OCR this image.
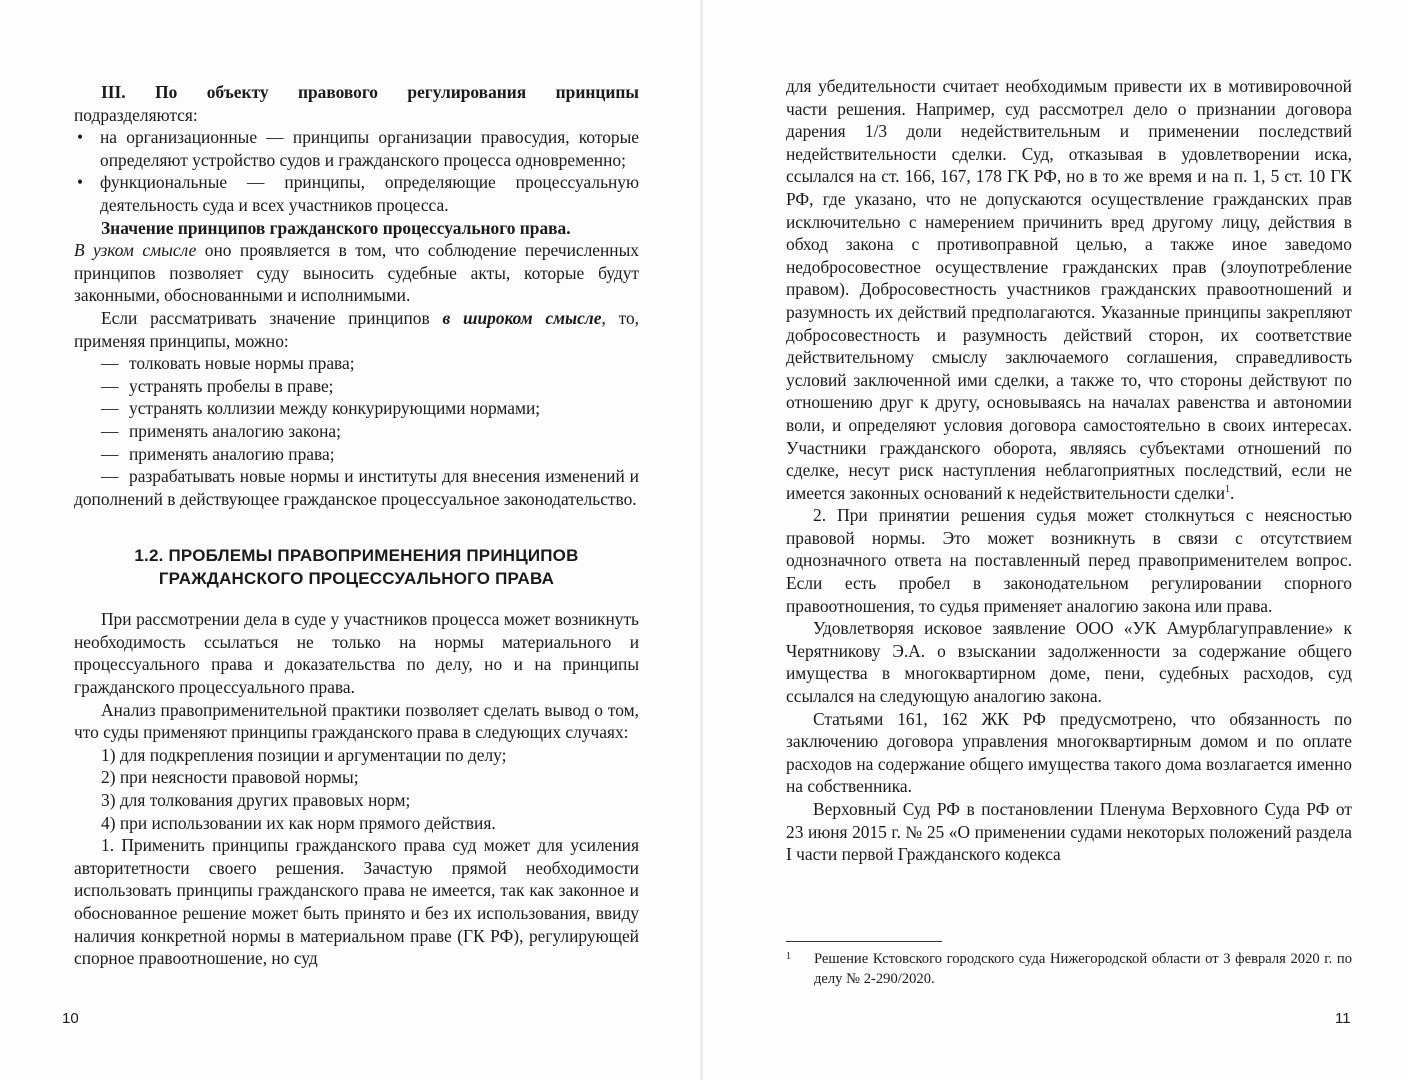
III. По объекту правового регулирования принципы подразделяются:

• на организационные — принципы организации правосудия, которые определяют устройство судов и гражданского процесса одновременно;
• функциональные — принципы, определяющие процессуальную деятельность суда и всех участников процесса.

Значение принципов гражданского процессуального права.

В узком смысле оно проявляется в том, что соблюдение перечисленных принципов позволяет суду выносить судебные акты, которые будут законными, обоснованными и исполнимыми.

Если рассматривать значение принципов в широком смысле, то, применяя принципы, можно:

— толковать новые нормы права;
— устранять пробелы в праве;
— устранять коллизии между конкурирующими нормами;
— применять аналогию закона;
— применять аналогию права;

— разрабатывать новые нормы и институты для внесения изменений и дополнений в действующее гражданское процессуальное законодательство.

1.2. ПРОБЛЕМЫ ПРАВОПРИМЕНЕНИЯ ПРИНЦИПОВ
ГРАЖДАНСКОГО ПРОЦЕССУАЛЬНОГО ПРАВА

При рассмотрении дела в суде у участников процесса может возникнуть необходимость ссылаться не только на нормы материального и процессуального права и доказательства по делу, но и на принципы гражданского процессуального права.

Анализ правоприменительной практики позволяет сделать вывод о том, что суды применяют принципы гражданского права в следующих случаях:

1) для подкрепления позиции и аргументации по делу;
2) при неясности правовой нормы;
3) для толкования других правовых норм;
4) при использовании их как норм прямого действия.

1. Применить принципы гражданского права суд может для усиления авторитетности своего решения. Зачастую прямой необходимости использовать принципы гражданского права не имеется, так как законное и обоснованное решение может быть принято и без их использования, ввиду наличия конкретной нормы в материальном праве (ГК РФ), регулирующей спорное правоотношение, но суд

10

для убедительности считает необходимым привести их в мотивировочной части решения. Например, суд рассмотрел дело о признании договора дарения 1/3 доли недействительным и применении последствий недействительности сделки. Суд, отказывая в удовлетворении иска, ссылался на ст. 166, 167, 178 ГК РФ, но в то же время и на п. 1, 5 ст. 10 ГК РФ, где указано, что не допускаются осуществление гражданских прав исключительно с намерением причинить вред другому лицу, действия в обход закона с противоправной целью, а также иное заведомо недобросовестное осуществление гражданских прав (злоупотребление правом). Добросовестность участников гражданских правоотношений и разумность их действий предполагаются. Указанные принципы закрепляют добросовестность и разумность действий сторон, их соответствие действительному смыслу заключаемого соглашения, справедливость условий заключенной ими сделки, а также то, что стороны действуют по отношению друг к другу, основываясь на началах равенства и автономии воли, и определяют условия договора самостоятельно в своих интересах. Участники гражданского оборота, являясь субъектами отношений по сделке, несут риск наступления неблагоприятных последствий, если не имеется законных оснований к недействительности сделки$^1$.

2. При принятии решения судья может столкнуться с неясностью правовой нормы. Это может возникнуть в связи с отсутствием однозначного ответа на поставленный перед правоприменителем вопрос. Если есть пробел в законодательном регулировании спорного правоотношения, то судья применяет аналогию закона или права.

Удовлетворяя исковое заявление ООО «УК Амурблагуправление» к Черятникову Э.А. о взыскании задолженности за содержание общего имущества в многоквартирном доме, пени, судебных расходов, суд ссылался на следующую аналогию закона.

Статьями 161, 162 ЖК РФ предусмотрено, что обязанность по заключению договора управления многоквартирным домом и по оплате расходов на содержание общего имущества такого дома возлагается именно на собственника.

Верховный Суд РФ в постановлении Пленума Верховного Суда РФ от 23 июня 2015 г. № 25 «О применении судами некоторых положений раздела I части первой Гражданского кодекса

1	Решение Кстовского городского суда Нижегородской области от 3 февраля 2020 г. по делу № 2-290/2020.
11
